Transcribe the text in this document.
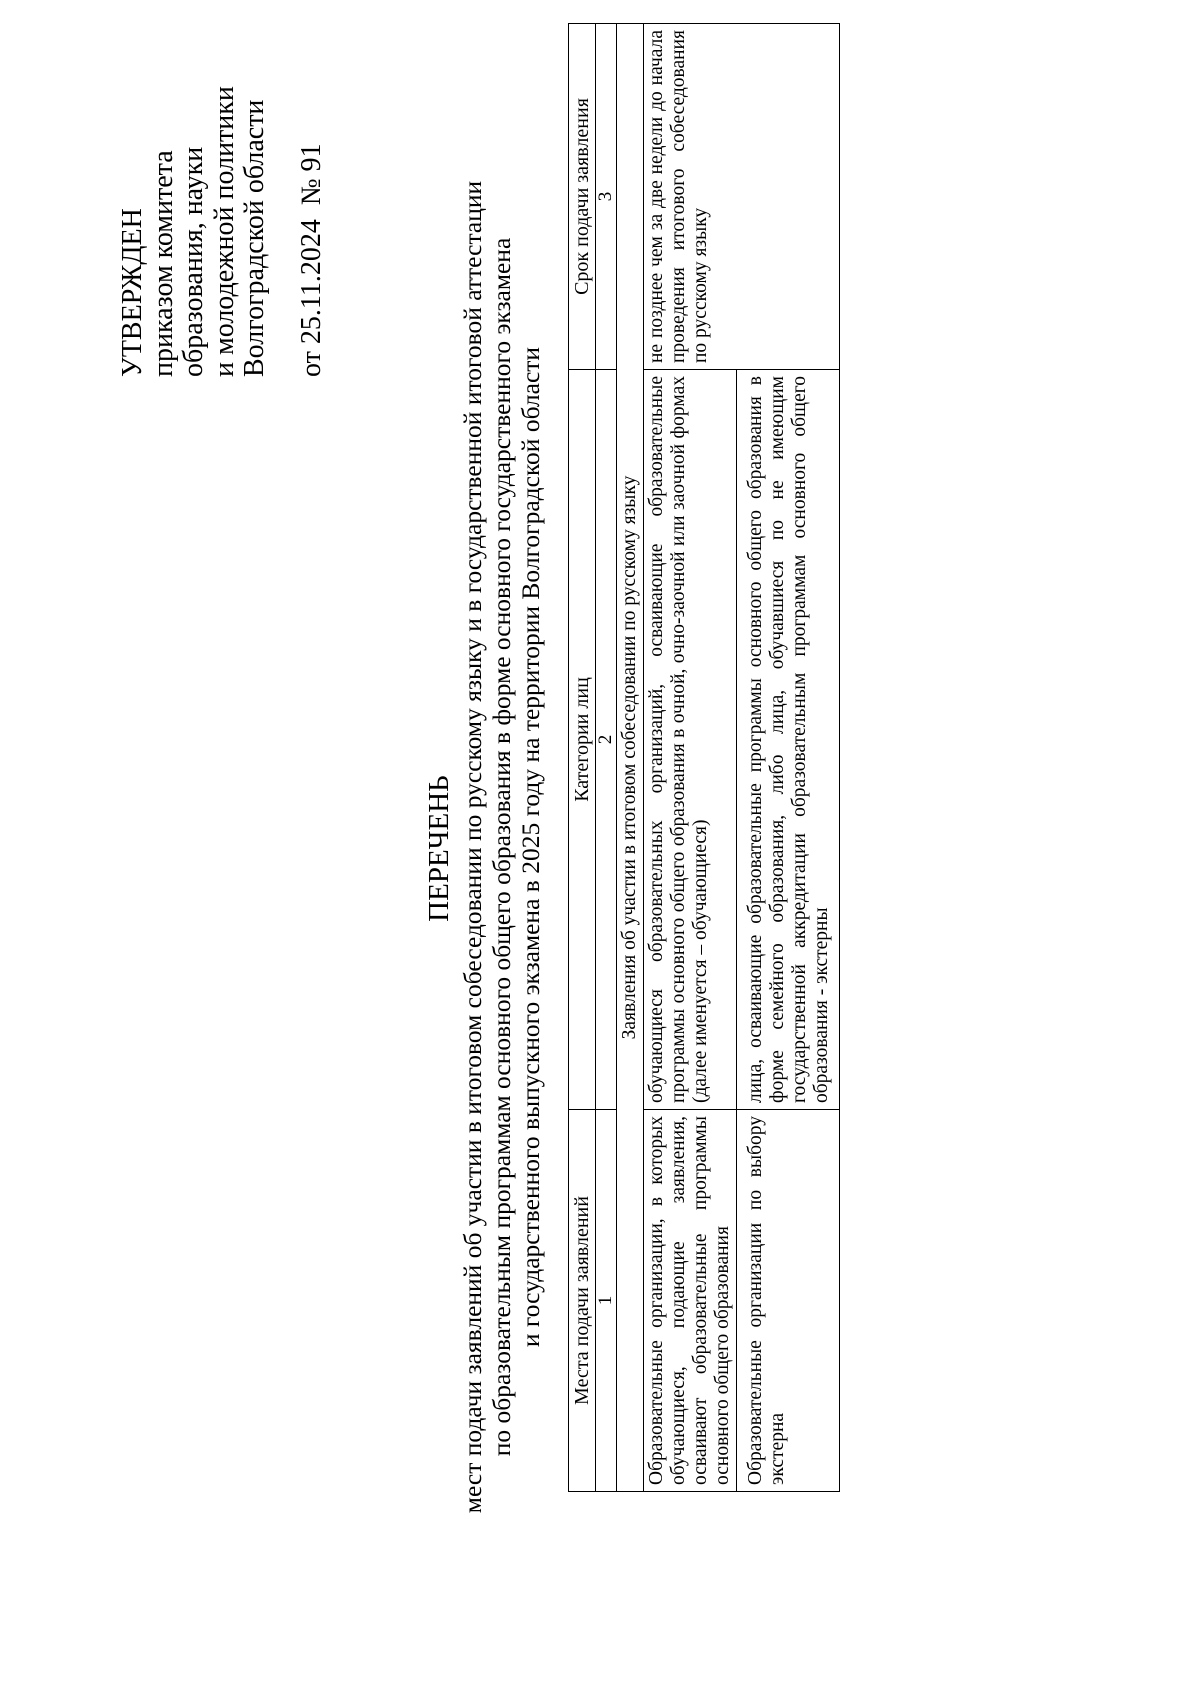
УТВЕРЖДЕН приказом комитета образования, науки и молодежной политики Волгоградской области от 25.11.2024№ 91
ПЕРЕЧЕНЬ мест подачи заявлений об участии в итоговом собеседовании по русскому языку и в государственной итоговой аттестации по образовательным программам основного общего образования в форме основного государственного экзамена и государственного выпускного экзамена в 2025 году на территории Волгоградской области Места подачи заявлений	Категории лиц	Срок подачи заявления
1	2	3
Заявления об участии в итоговом собеседовании по русскому языку		
Образовательные организации, в которых обучающиеся, подающие заявления, осваивают образовательные программы основного общего образования	обучающиеся образовательных организаций, осваивающие образовательные программы основного общего образования в очной, очно-заочной или заочной формах (далее именуется – обучающиеся)	не позднее чем за две недели до начала проведения итогового собеседования по русскому языку
Образовательные организации по выбору экстерна	лица, осваивающие образовательные программы основного общего образования в форме семейного образования, либо лица, обучавшиеся по не имеющим государственной аккредитации образовательным программам основного общего образования - экстерны	
